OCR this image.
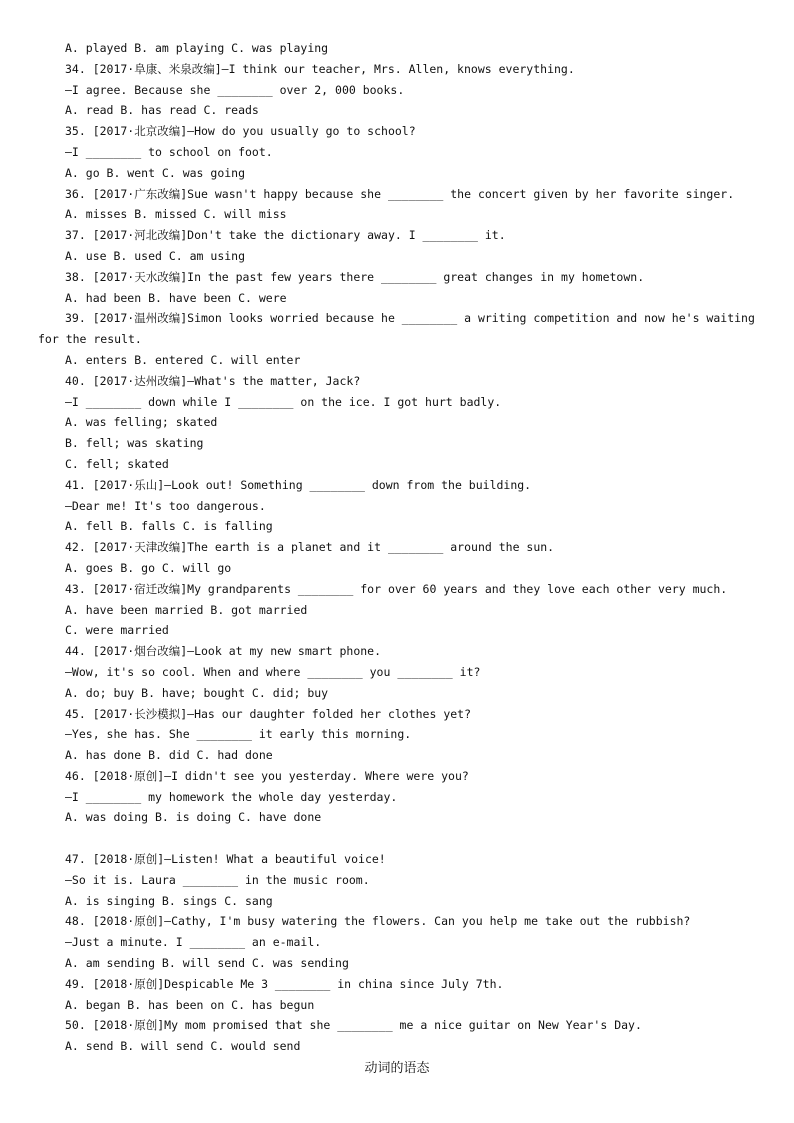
A. played B. am playing C. was playing
34. [2017·阜康、米泉改编]—I think our teacher, Mrs. Allen, knows everything.
—I agree. Because she ________ over 2, 000 books.
A. read B. has read C. reads
35. [2017·北京改编]—How do you usually go to school?
—I ________ to school on foot.
A. go B. went C. was going
36. [2017·广东改编]Sue wasn't happy because she ________ the concert given by her favorite singer.
A. misses B. missed C. will miss
37. [2017·河北改编]Don't take the dictionary away. I ________ it.
A. use B. used C. am using
38. [2017·天水改编]In the past few years there ________ great changes in my hometown.
A. had been B. have been C. were
39. [2017·温州改编]Simon looks worried because he ________ a writing competition and now he's waiting
for the result.
A. enters B. entered C. will enter
40. [2017·达州改编]—What's the matter, Jack?
—I ________ down while I ________ on the ice. I got hurt badly.
A. was felling; skated
B. fell; was skating
C. fell; skated
41. [2017·乐山]—Look out! Something ________ down from the building.
—Dear me! It's too dangerous.
A. fell B. falls C. is falling
42. [2017·天津改编]The earth is a planet and it ________ around the sun.
A. goes B. go C. will go
43. [2017·宿迁改编]My grandparents ________ for over 60 years and they love each other very much.
A. have been married B. got married
C. were married
44. [2017·烟台改编]—Look at my new smart phone.
—Wow, it's so cool. When and where ________ you ________ it?
A. do; buy B. have; bought C. did; buy
45. [2017·长沙模拟]—Has our daughter folded her clothes yet?
—Yes, she has. She ________ it early this morning.
A. has done B. did C. had done
46. [2018·原创]—I didn't see you yesterday. Where were you?
—I ________ my homework the whole day yesterday.
A. was doing B. is doing C. have done
47. [2018·原创]—Listen! What a beautiful voice!
—So it is. Laura ________ in the music room.
A. is singing B. sings C. sang
48. [2018·原创]—Cathy, I'm busy watering the flowers. Can you help me take out the rubbish?
—Just a minute. I ________ an e-mail.
A. am sending B. will send C. was sending
49. [2018·原创]Despicable Me 3 ________ in china since July 7th.
A. began B. has been on C. has begun
50. [2018·原创]My mom promised that she ________ me a nice guitar on New Year's Day.
A. send B. will send C. would send
动词的语态
